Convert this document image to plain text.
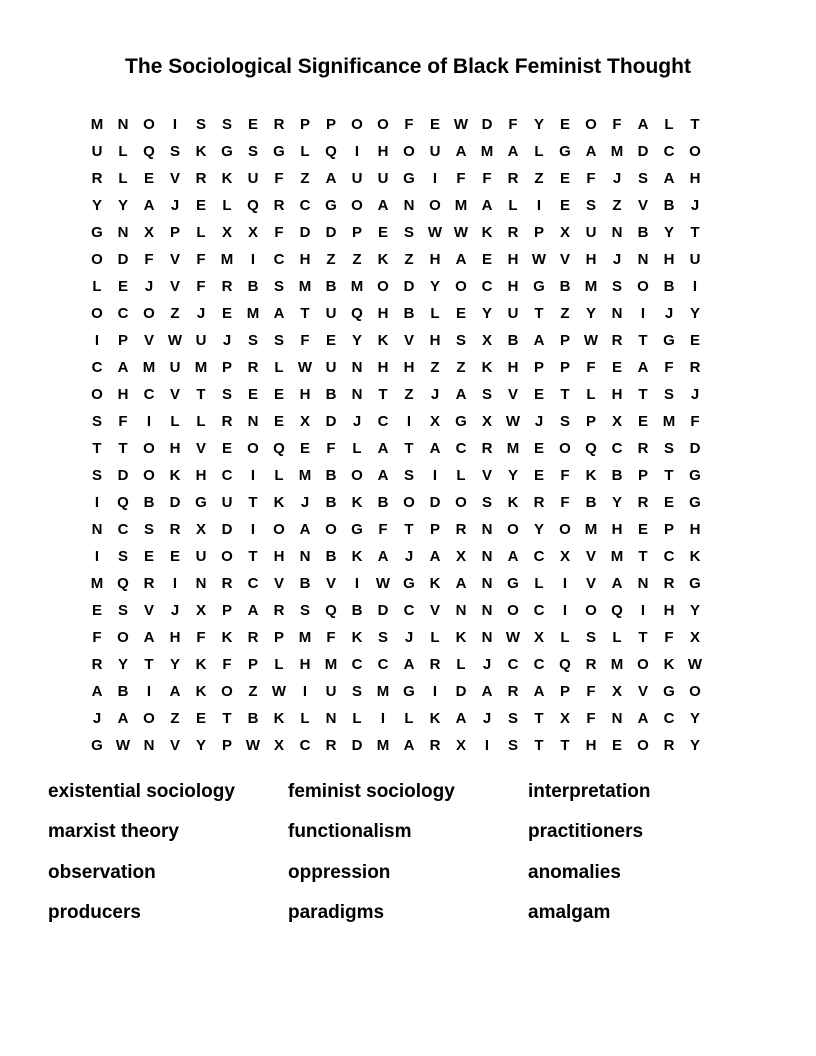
The Sociological Significance of Black Feminist Thought
M N O	I	S	S	E	R	P	P	O O	F	E W D	F	Y	E	O	F	A	L	T
U	L	Q	S	K G	S	G	L	Q	I	H O U	A M A	L	G A M D	C O
R	L	E	V	R	K	U	F	Z	A	U	U G	I	F	F	R	Z	E	F	J	S	A	H
Y	Y	A	J	E	L	Q R	C G O A	N O M A	L	I	E	S	Z	V	B	J
G N	X	P	L	X	X	F	D	D	P	E	S W W K	R	P	X	U	N	B	Y	T
O D	F	V	F	M	I	C	H	Z	Z	K	Z	H	A	E	H W V	H	J	N	H	U
L	E	J	V	F	R	B	S M B M O D	Y	O C	H G B M S	O B	I
O C O	Z	J	E M A	T	U Q H	B	L	E	Y	U	T	Z	Y	N	I	J	Y
I	P	V W U	J	S	S	F	E	Y	K	V	H	S	X	B	A	P W R	T	G	E
C	A M U M P	R	L W U	N	H	H	Z	Z	K	H	P	P	F	E	A	F	R
O H	C	V	T	S	E	E	H	B	N	T	Z	J	A	S	V	E	T	L	H	T	S	J
S	F	I	L	L	R	N	E	X	D	J	C	I	X	G	X W J	S	P	X	E M	F
T	T	O H	V	E	O Q	E	F	L	A	T	A	C	R M E	O Q C	R	S	D
S	D O K	H	C	I	L	M B O A	S	I	L	V	Y	E	F	K	B	P	T	G
I	Q B	D G U	T	K	J	B	K	B O D O	S	K	R	F	B	Y	R	E	G
N	C	S	R	X	D	I	O A O G	F	T	P	R	N O	Y	O M H	E	P	H
I	S	E	E	U O	T	H	N	B	K	A	J	A	X	N	A	C	X	V M	T	C	K
M Q R	I	N	R	C	V	B	V	I	W G K	A	N G	L	I	V	A	N	R G
E	S	V	J	X	P	A	R	S	Q B	D	C	V	N	N O C	I	O Q	I	H	Y
F	O A	H	F	K	R	P M	F	K	S	J	L	K	N W X	L	S	L	T	F	X
R	Y	T	Y	K	F	P	L	H M C	C	A	R	L	J	C	C Q R M O K W
A	B	I	A	K O	Z W	I	U	S M G	I	D	A	R	A	P	F	X	V	G O
J	A O	Z	E	T	B	K	L	N	L	I	L	K	A	J	S	T	X	F	N	A	C	Y
G W N	V	Y	P W X	C	R	D M A	R	X	I	S	T	T	H	E	O R	Y
existential sociology	feminist sociology	interpretation
marxist theory	functionalism	practitioners
observation	oppression	anomalies
producers	paradigms	amalgam
